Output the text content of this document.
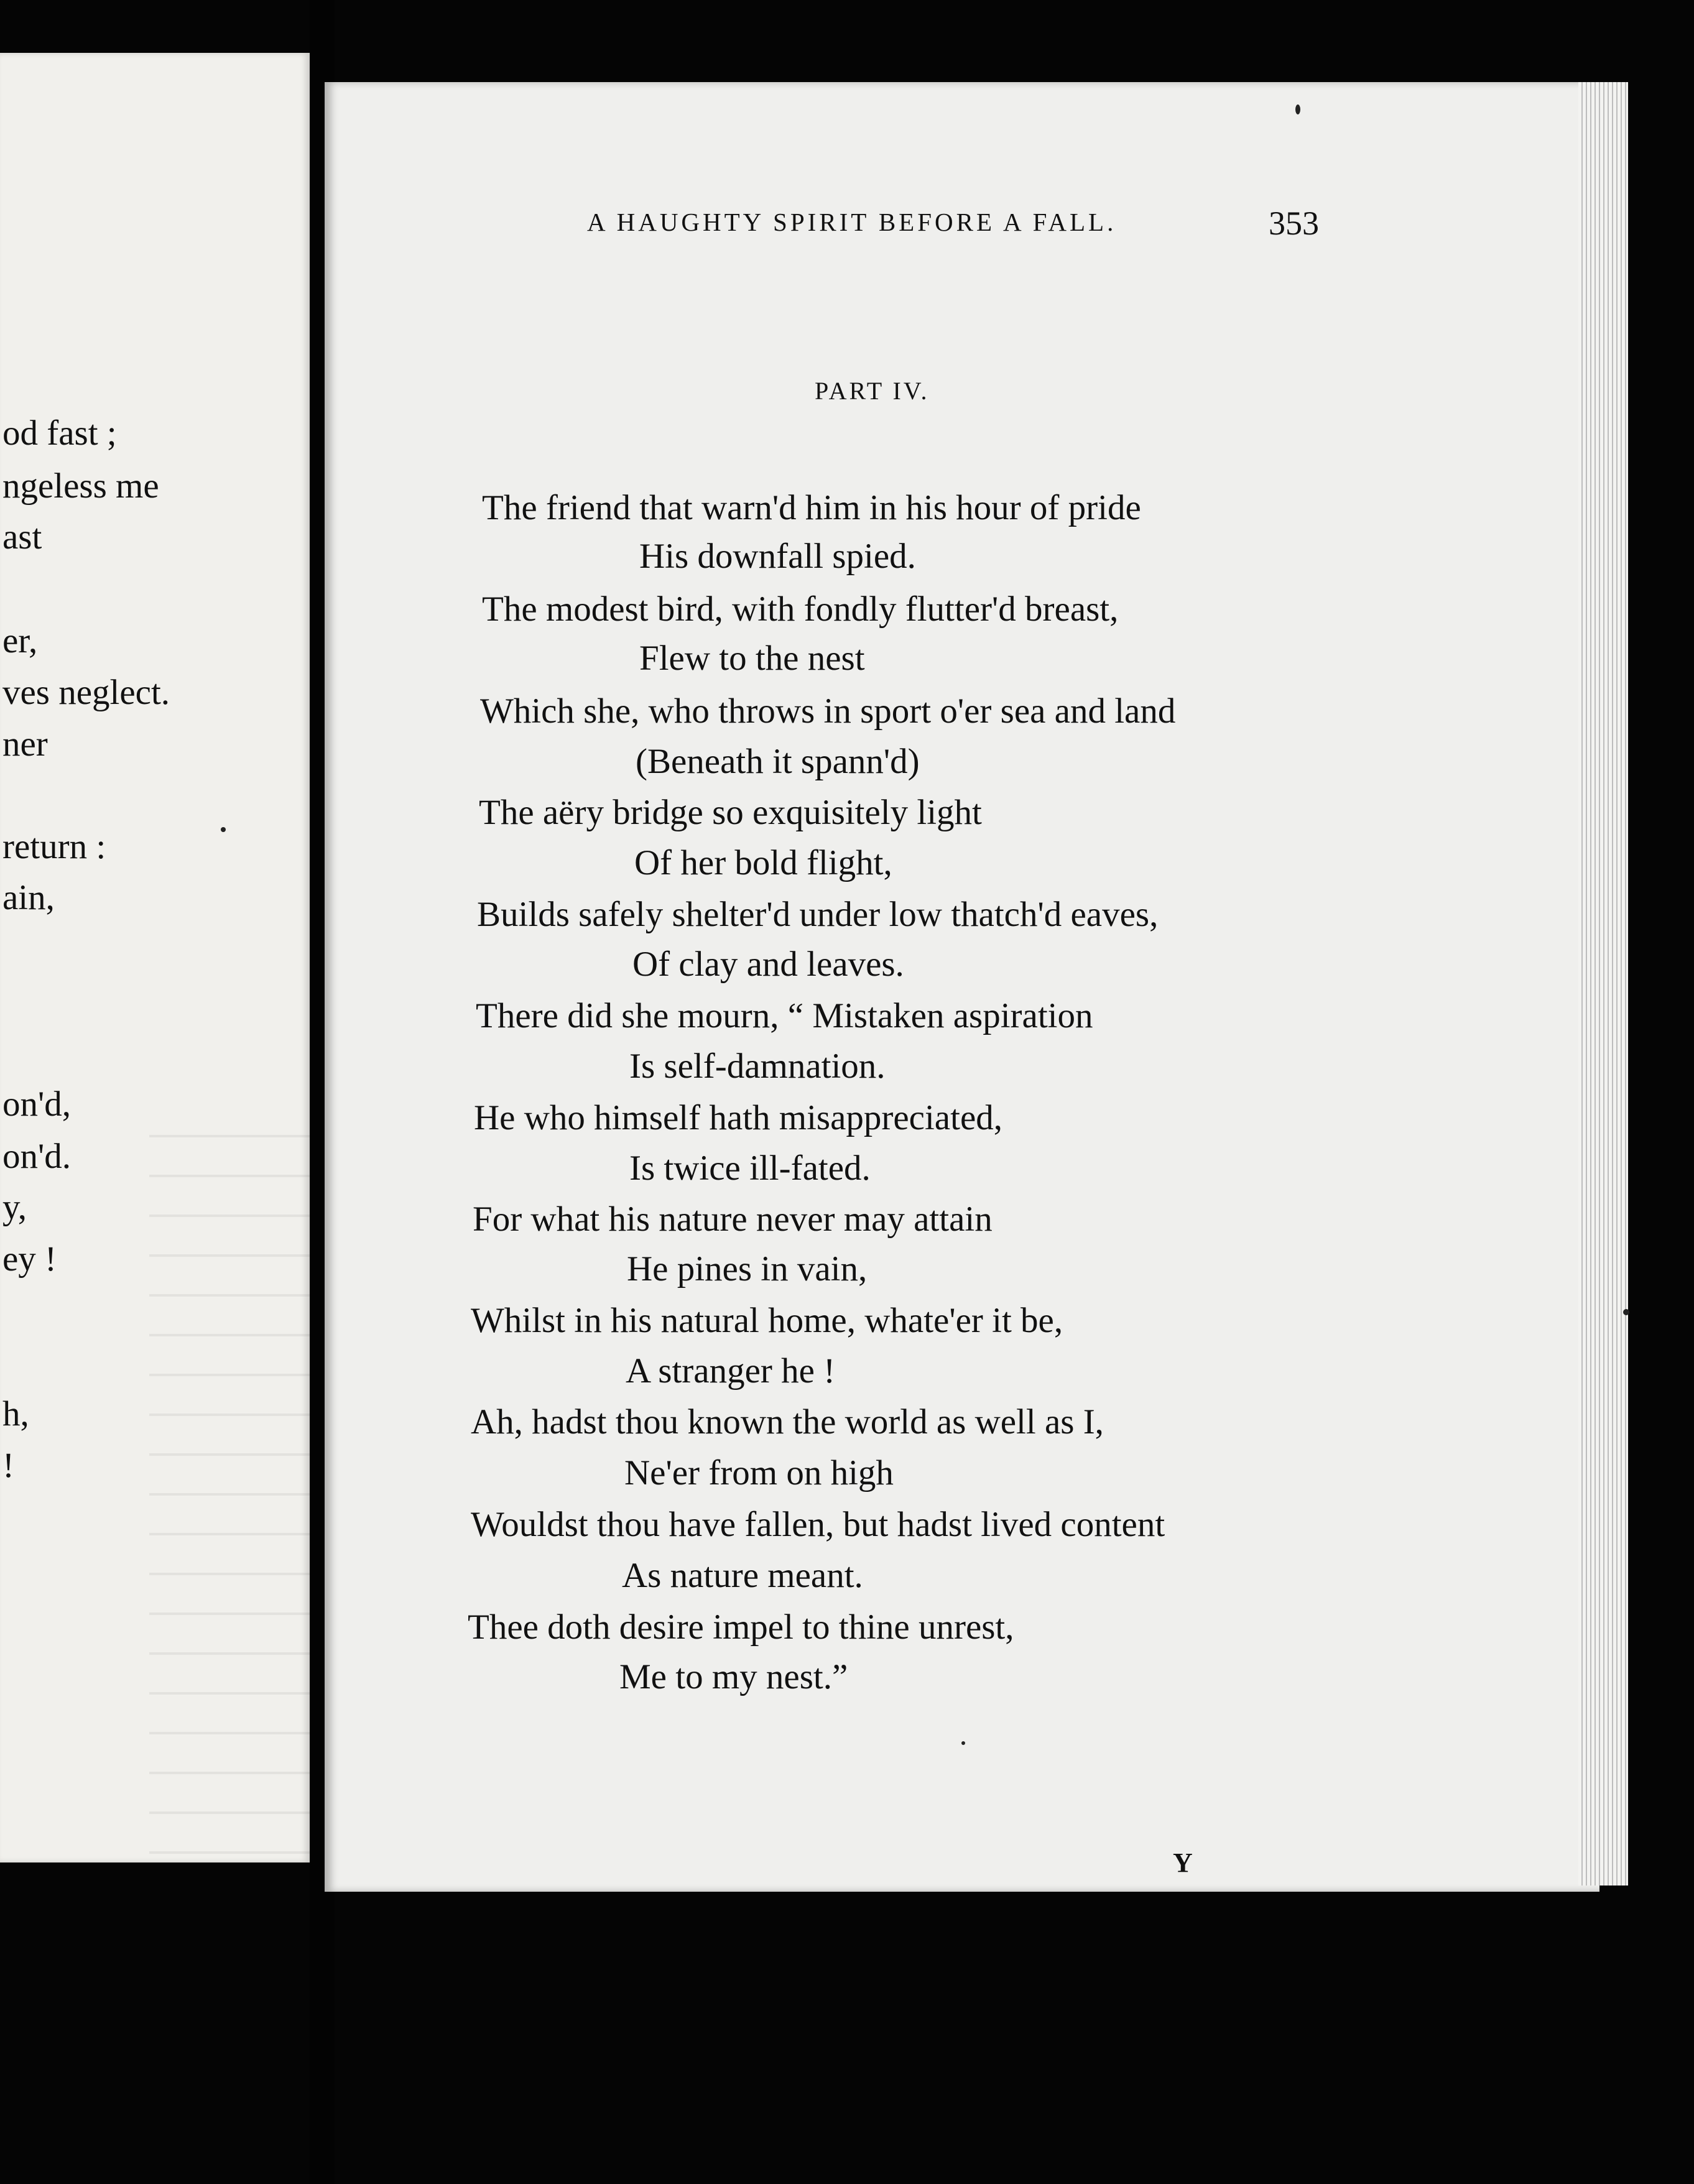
od fast ;
ngeless me
ast
er,
ves neglect.
ner
return :
ain,
on'd,
on'd.
y,
ey !
h,
!
A HAUGHTY SPIRIT BEFORE A FALL.	353
PART IV.
The friend that warn'd him in his hour of pride
His downfall spied.
The modest bird, with fondly flutter'd breast,
Flew to the nest
Which she, who throws in sport o'er sea and land
(Beneath it spann'd)
The aëry bridge so exquisitely light
Of her bold flight,
Builds safely shelter'd under low thatch'd eaves,
Of clay and leaves.
There did she mourn, “ Mistaken aspiration
Is self-damnation.
He who himself hath misappreciated,
Is twice ill-fated.
For what his nature never may attain
He pines in vain,
Whilst in his natural home, whate'er it be,
A stranger he !
Ah, hadst thou known the world as well as I,
Ne'er from on high
Wouldst thou have fallen, but hadst lived content
As nature meant.
Thee doth desire impel to thine unrest,
Me to my nest.”
Y
